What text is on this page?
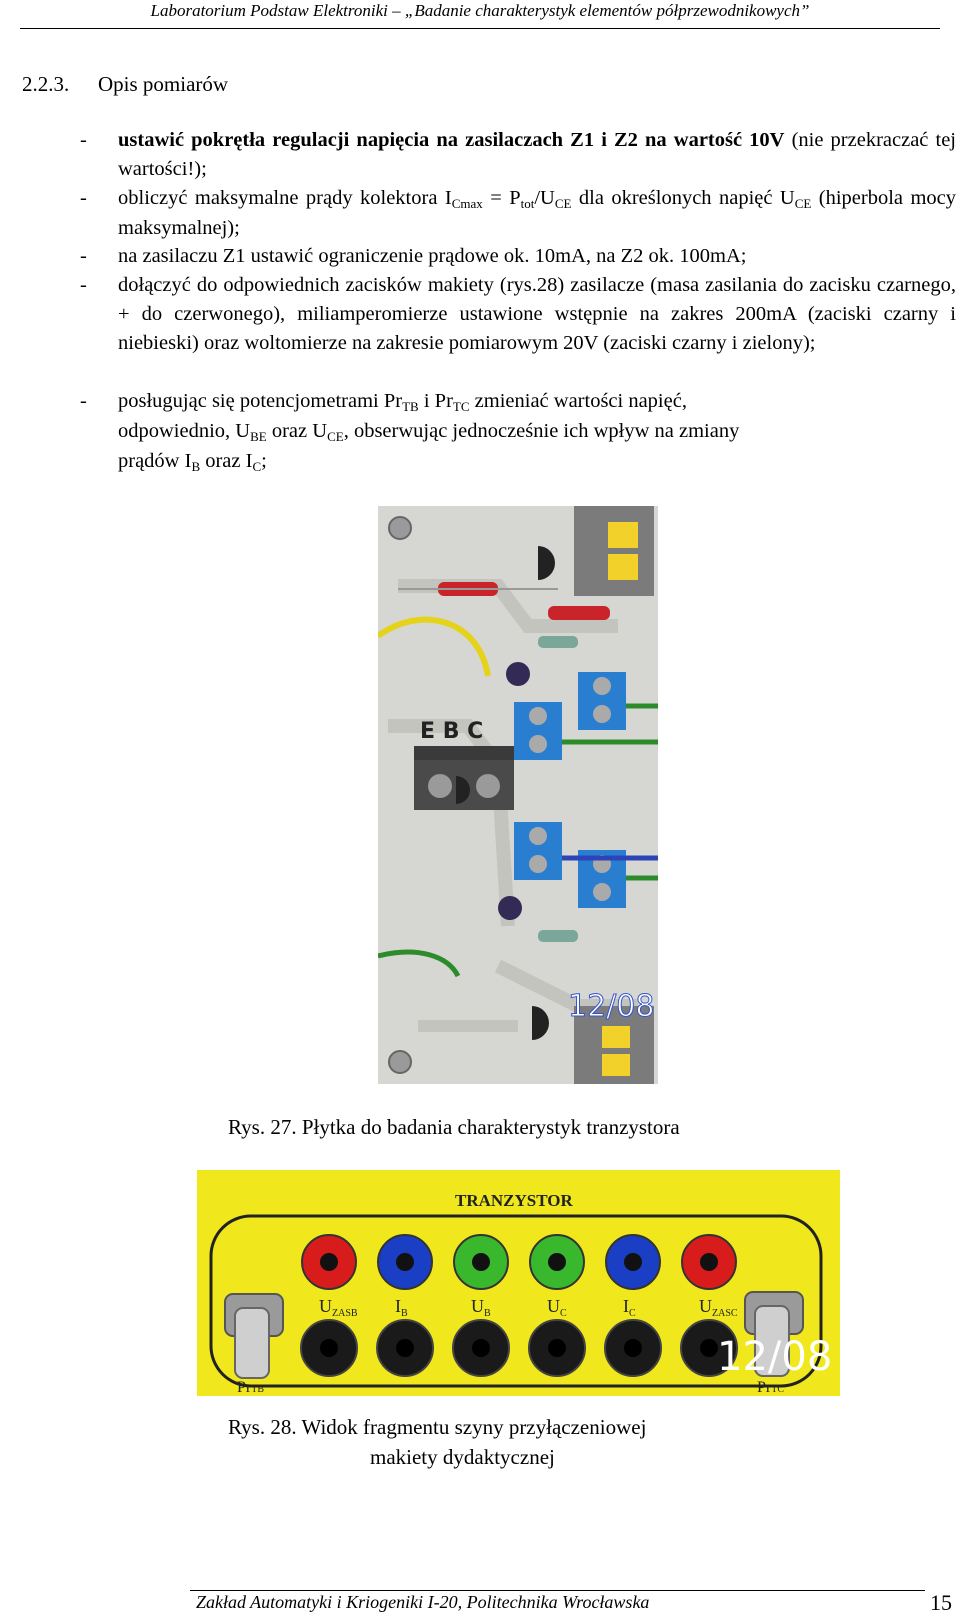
Laboratorium Podstaw Elektroniki – „Badanie charakterystyk elementów półprzewodnikowych”
2.2.3. Opis pomiarów
- ustawić pokrętła regulacji napięcia na zasilaczach Z1 i Z2 na wartość 10V (nie przekraczać tej wartości!);
- obliczyć maksymalne prądy kolektora ICmax = Ptot/UCE dla określonych napięć UCE (hiperbola mocy maksymalnej);
- na zasilaczu Z1 ustawić ograniczenie prądowe ok. 10mA, na Z2 ok. 100mA;
- dołączyć do odpowiednich zacisków makiety (rys.28) zasilacze (masa zasilania do zacisku czarnego, + do czerwonego), miliamperomierze ustawione wstępnie na zakres 200mA (zaciski czarny i niebieski) oraz woltomierze na zakresie pomiarowym 20V (zaciski czarny i zielony);
- posługując się potencjometrami PrTB i PrTC zmieniać wartości napięć,
odpowiednio, UBE oraz UCE, obserwując jednocześnie ich wpływ na zmiany
prądów IB oraz IC;
E B C
12/08
Rys. 27. Płytka do badania charakterystyk tranzystora
TRANZYSTOR
$U_{ZASB}$ $I_B$	$U_B$	$U_C$	$I_C$	$U_{ZASC}$
PrTB	PrTC
12/08
Rys. 28. Widok fragmentu szyny przyłączeniowej
makiety dydaktycznej
Zakład Automatyki i Kriogeniki I-20, Politechnika Wrocławska	15
